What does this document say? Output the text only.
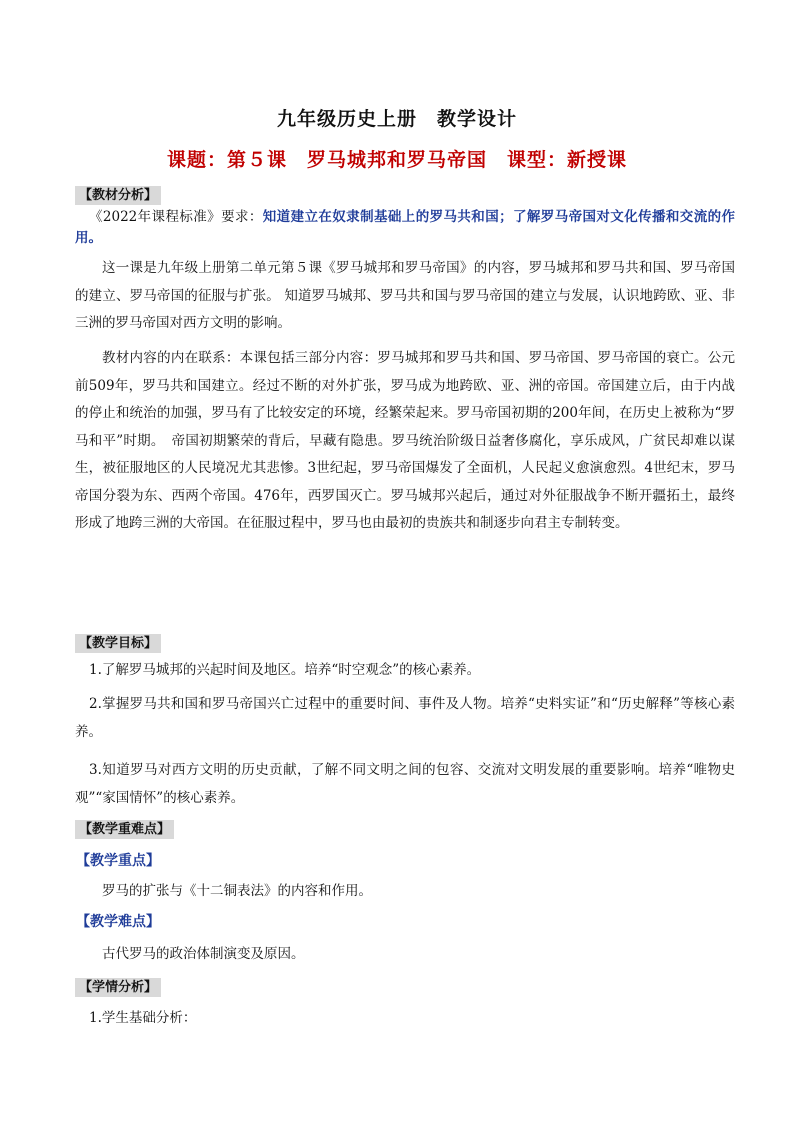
九年级历史上册　教学设计
课题：第５课　罗马城邦和罗马帝国　课型：新授课
【教材分析】

《2022年课程标准》要求：知道建立在奴隶制基础上的罗马共和国；了解罗马帝国对文化传播和交流的作用。

这一课是九年级上册第二单元第５课《罗马城邦和罗马帝国》的内容，罗马城邦和罗马共和国、罗马帝国的建立、罗马帝国的征服与扩张。 知道罗马城邦、罗马共和国与罗马帝国的建立与发展，认识地跨欧、亚、非三洲的罗马帝国对西方文明的影响。

教材内容的内在联系：本课包括三部分内容：罗马城邦和罗马共和国、罗马帝国、罗马帝国的衰亡。公元前509年，罗马共和国建立。经过不断的对外扩张，罗马成为地跨欧、亚、洲的帝国。帝国建立后，由于内战的停止和统治的加强，罗马有了比较安定的环境，经繁荣起来。罗马帝国初期的200年间，在历史上被称为“罗马和平”时期。　帝国初期繁荣的背后，早藏有隐患。罗马统治阶级日益奢侈腐化，享乐成风，广贫民却难以谋生，被征服地区的人民境况尤其悲惨。3世纪起，罗马帝国爆发了全面机，人民起义愈演愈烈。4世纪末，罗马帝国分裂为东、西两个帝国。476年，西罗国灭亡。罗马城邦兴起后，通过对外征服战争不断开疆拓土，最终形成了地跨三洲的大帝国。在征服过程中，罗马也由最初的贵族共和制逐步向君主专制转变。

【教学目标】

1.了解罗马城邦的兴起时间及地区。培养“时空观念”的核心素养。

2.掌握罗马共和国和罗马帝国兴亡过程中的重要时间、事件及人物。培养“史料实证”和“历史解释”等核心素养。

3.知道罗马对西方文明的历史贡献，了解不同文明之间的包容、交流对文明发展的重要影响。培养“唯物史观”“家国情怀”的核心素养。

【教学重难点】
【教学重点】

罗马的扩张与《十二铜表法》的内容和作用。

【教学难点】

古代罗马的政治体制演变及原因。

【学情分析】

1.学生基础分析：
